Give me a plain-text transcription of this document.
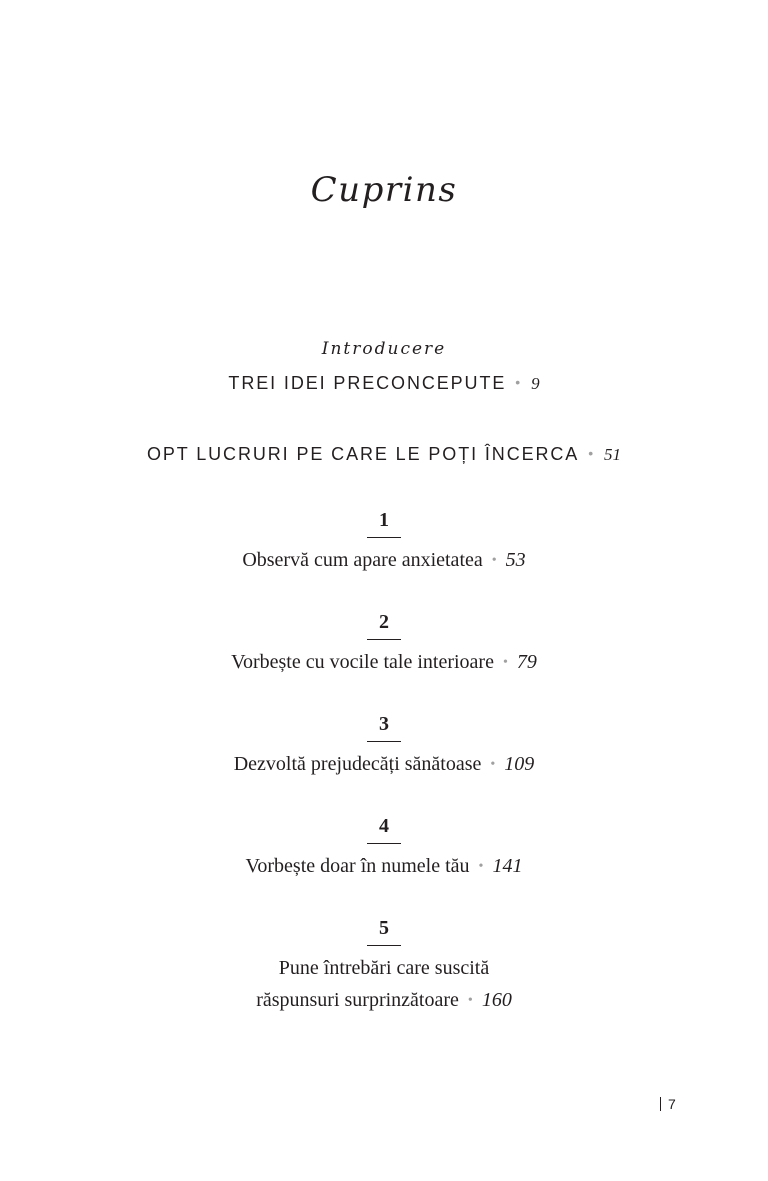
Cuprins
Introducere
TREI IDEI PRECONCEPUTE • 9
OPT LUCRURI PE CARE LE POȚI ÎNCERCA • 51
1
Observă cum apare anxietatea • 53
2
Vorbește cu vocile tale interioare • 79
3
Dezvoltă prejudecăți sănătoase • 109
4
Vorbește doar în numele tău • 141
5
Pune întrebări care suscită
răspunsuri surprinzătoare • 160
7
